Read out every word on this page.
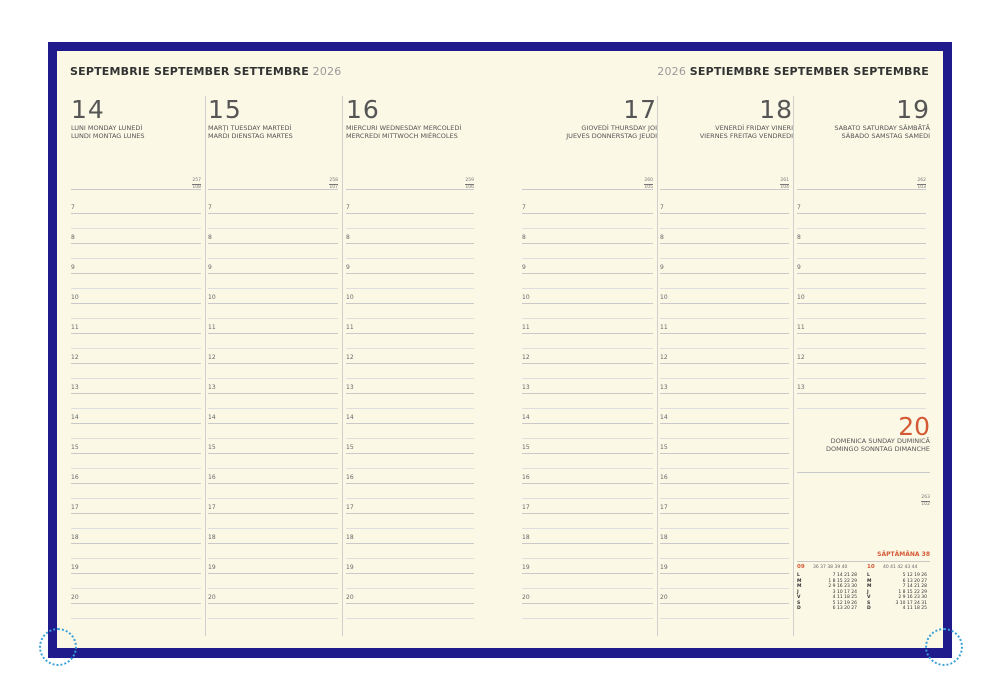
SEPTEMBRIE SEPTEMBER SETTEMBRE 2026	2026 SEPTIEMBRE SEPTEMBER SEPTEMBRE
14
LUNI MONDAY LUNEDÌ
LUNDI MONTAG LUNES
257
108
7
8
9
10
11
12
13
14
15
16
17
18
19
20
15
MARȚI TUESDAY MARTEDÌ
MARDI DIENSTAG MARTES
258
107
7
8
9
10
11
12
13
14
15
16
17
18
19
20
16
MIERCURI WEDNESDAY MERCOLEDÌ
MERCREDI MITTWOCH MIÉRCOLES
259
106
7
8
9
10
11
12
13
14
15
16
17
18
19
20
17
GIOVEDÌ THURSDAY JOI
JUEVES DONNERSTAG JEUDI
260
105
7
8
9
10
11
12
13
14
15
16
17
18
19
20
18
VENERDÌ FRIDAY VINERI
VIERNES FREITAG VENDREDI
261
104
7
8
9
10
11
12
13
14
15
16
17
18
19
20
19
SABATO SATURDAY SÂMBĂTĂ
SÁBADO SAMSTAG SAMEDI
262
103
7
8
9
10
11
12
13
20
DOMENICA SUNDAY DUMINICĂ
DOMINGO SONNTAG DIMANCHE
263
102
SĂPTĂMÂNA 38
09 36 37 38 39 40
L	7 14 21 28
M	1 8 15 22 29
M	2 9 16 23 30
J	3 10 17 24
V	4 11 18 25
S	5 12 19 26
D	6 13 20 27
10 40 41 42 43 44
L	5 12 19 26
M	6 13 20 27
M	7 14 21 28
J	1 8 15 22 29
V	2 9 16 23 30
S	3 10 17 24 31
D	4 11 18 25
